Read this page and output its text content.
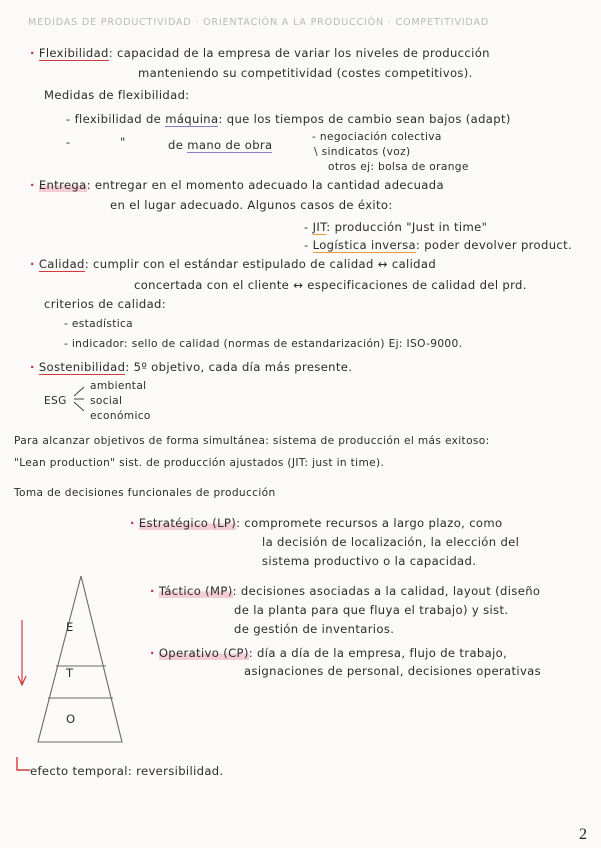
MEDIDAS DE PRODUCTIVIDAD · ORIENTACIÓN A LA PRODUCCIÓN · COMPETITIVIDAD
· Flexibilidad: capacidad de la empresa de variar los niveles de producción
manteniendo su competitividad (costes competitivos).
Medidas de flexibilidad:
- flexibilidad de máquina: que los tiempos de cambio sean bajos (adapt)
-	"	de mano de obra
- negociación colectiva
\ sindicatos (voz)
otros ej: bolsa de orange
· Entrega: entregar en el momento adecuado la cantidad adecuada
en el lugar adecuado. Algunos casos de éxito:
- JIT: producción "Just in time"
- Logística inversa: poder devolver product.
· Calidad: cumplir con el estándar estipulado de calidad ↔ calidad
concertada con el cliente ↔ especificaciones de calidad del prd.
criterios de calidad:
- estadística
- indicador: sello de calidad (normas de estandarización) Ej: ISO-9000.
· Sostenibilidad: 5º objetivo, cada día más presente.
ESG
ambiental
social
económico
Para alcanzar objetivos de forma simultánea: sistema de producción el más exitoso:
"Lean production" sist. de producción ajustados (JIT: just in time).
Toma de decisiones funcionales de producción
· Estratégico (LP): compromete recursos a largo plazo, como
la decisión de localización, la elección del
sistema productivo o la capacidad.
· Táctico (MP): decisiones asociadas a la calidad, layout (diseño
de la planta para que fluya el trabajo) y sist.
de gestión de inventarios.
· Operativo (CP): día a día de la empresa, flujo de trabajo,
asignaciones de personal, decisiones operativas
E
T
O
efecto temporal: reversibilidad.
2
